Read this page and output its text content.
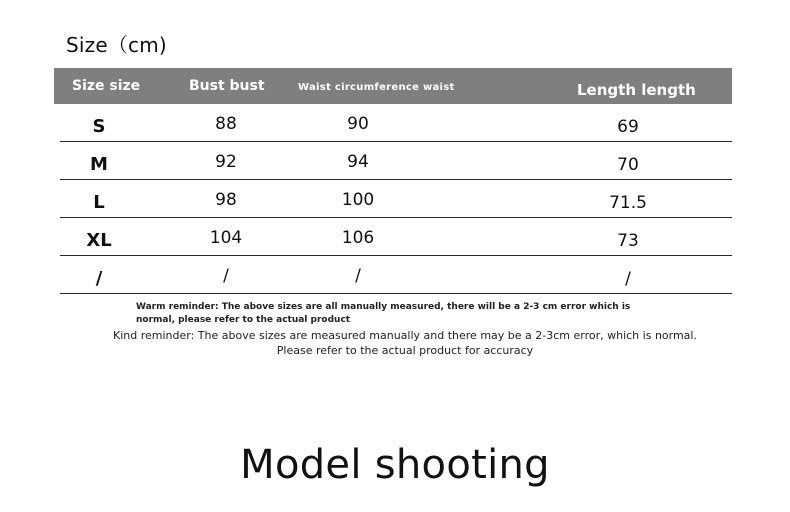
Size（cm)
Size size	Bust bust	Waist circumference waist	Length length
S	88	90	69
M	92	94	70
L	98	100	71.5
XL	104	106	73
/	/	/	/
Warm reminder: The above sizes are all manually measured, there will be a 2-3 cm error which is normal, please refer to the actual product
Kind reminder: The above sizes are measured manually and there may be a 2-3cm error, which is normal.
Please refer to the actual product for accuracy
Model shooting
